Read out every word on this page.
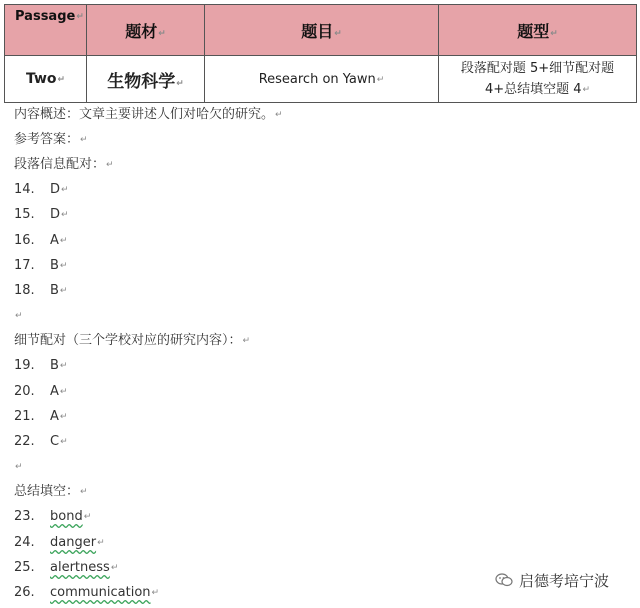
Passage↵	题材↵	题目↵	题型↵
Two↵	生物科学↵	Research on Yawn↵	段落配对题 5+细节配对题
4+总结填空题 4↵
内容概述：文章主要讲述人们对哈欠的研究。↵
参考答案：↵
段落信息配对：↵
14. D↵
15. D↵
16. A↵
17. B↵
18. B↵
↵
细节配对（三个学校对应的研究内容）：↵
19. B↵
20. A↵
21. A↵
22. C↵
↵
总结填空：↵
23. bond↵
24. danger↵
25. alertness↵
26. communication↵
启德考培宁波
